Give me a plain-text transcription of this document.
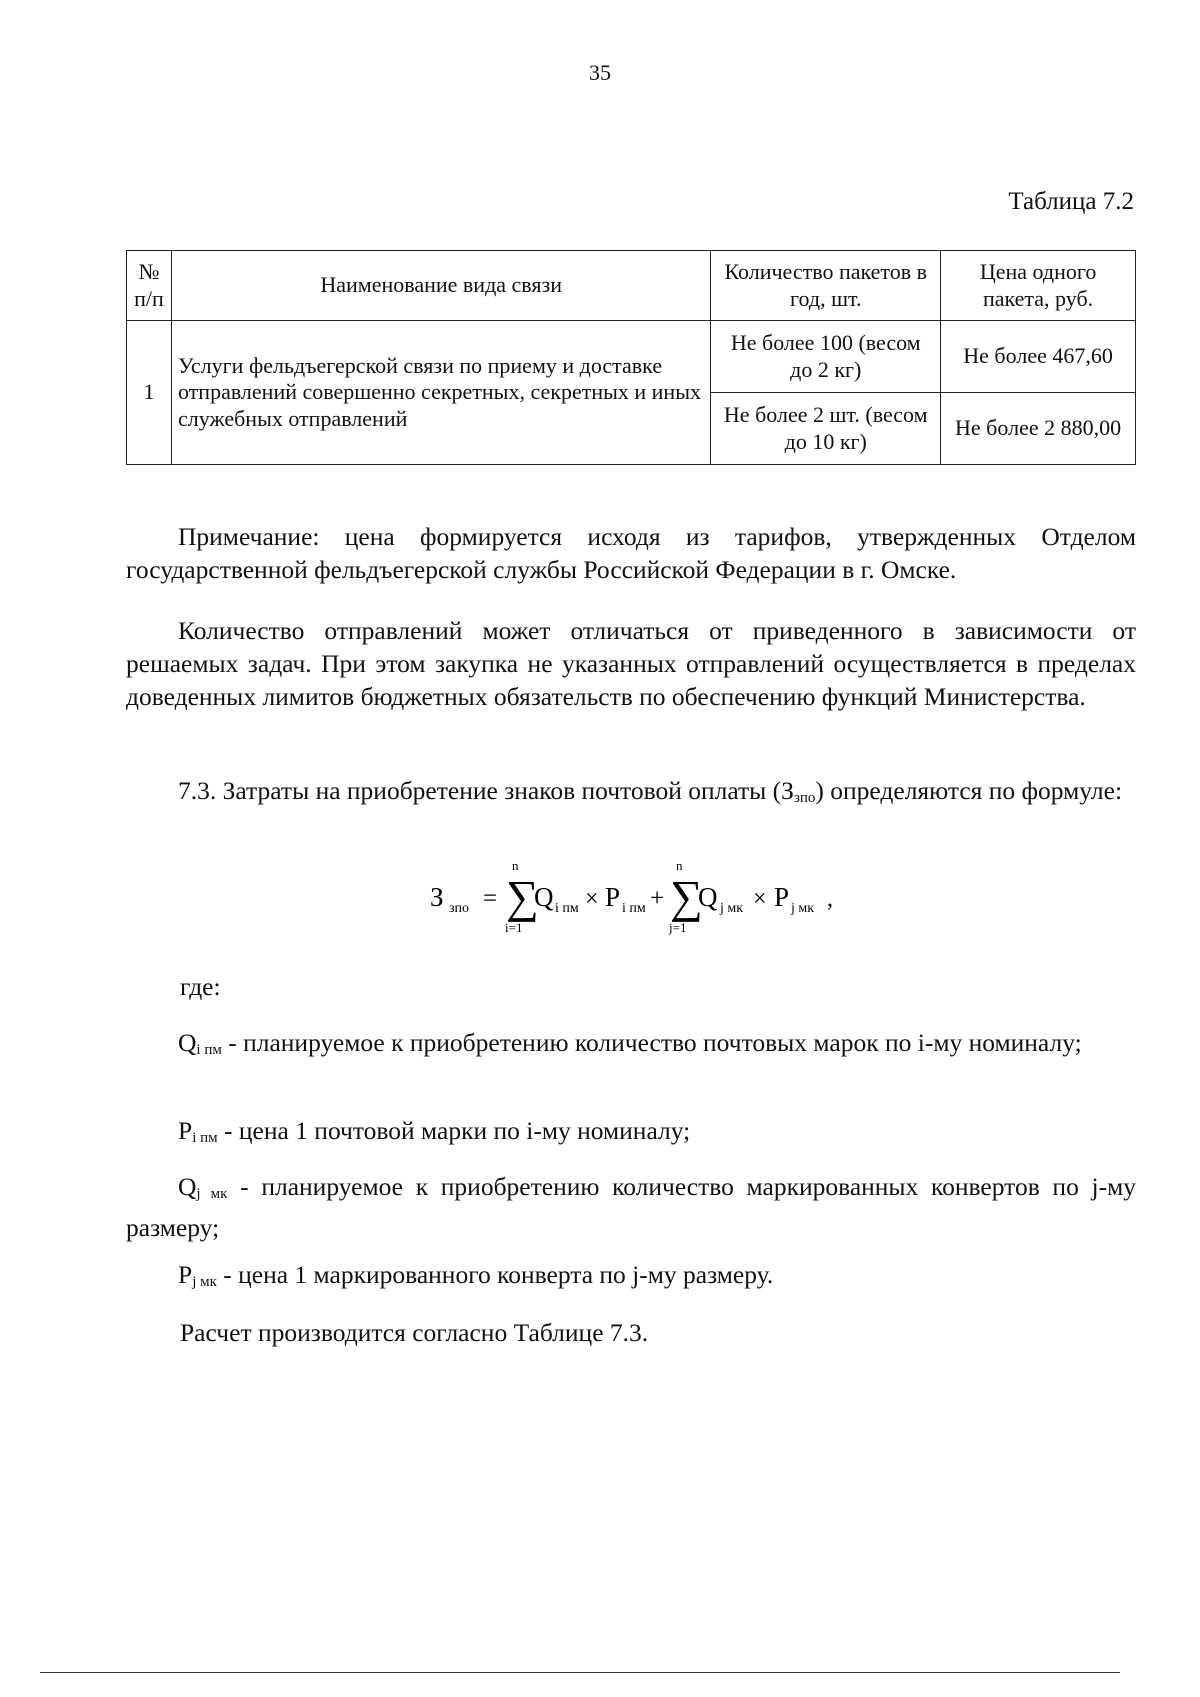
35
Таблица 7.2
№ п/п	Наименование вида связи	Количество пакетов в год, шт.	Цена одного пакета, руб.
1	Услуги фельдъегерской связи по приему и доставке отправлений совершенно секретных, секретных и иных служебных отправлений	Не более 100 (весом до 2 кг)	Не более 467,60
		Не более 2 шт. (весом до 10 кг)	Не более 2 880,00
Примечание: цена формируется исходя из тарифов, утвержденных Отделом государственной фельдъегерской службы Российской Федерации в г. Омске.
Количество отправлений может отличаться от приведенного в зависимости от решаемых задач. При этом закупка не указанных отправлений осуществляется в пределах доведенных лимитов бюджетных обязательств по обеспечению функций Министерства.
7.3. Затраты на приобретение знаков почтовой оплаты $(З_{зпо})$ определяются по формуле:
З зпо =
n
∑
i=1
Q i пм × P i пм +
n
∑
j=1
Q j мк × P j мк ,
где:
$Q_{i пм}$ - планируемое к приобретению количество почтовых марок по i-му номиналу;
$P_{i пм}$ - цена 1 почтовой марки по i-му номиналу;
$Q_{j мк}$ - планируемое к приобретению количество маркированных конвертов по j-му размеру;
$P_{j мк}$ - цена 1 маркированного конверта по j-му размеру.
Расчет производится согласно Таблице 7.3.
